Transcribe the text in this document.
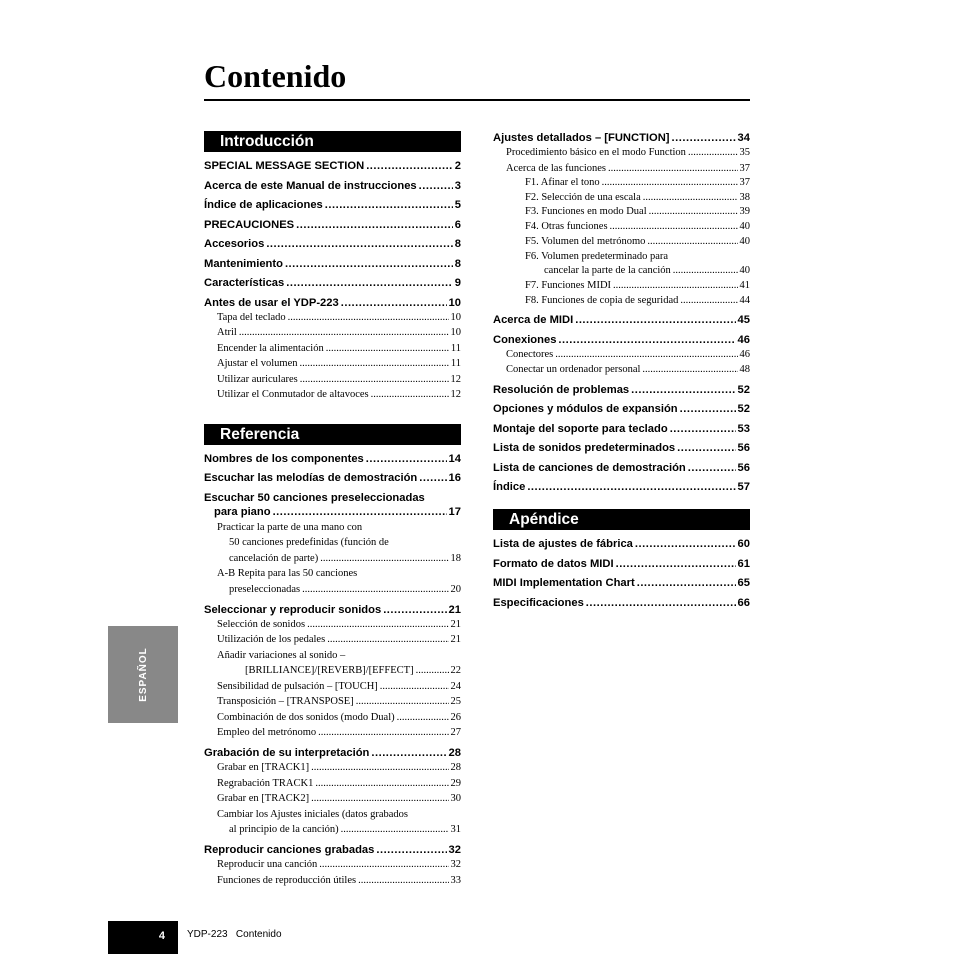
Contenido
Introducción
SPECIAL MESSAGE SECTION .....	2
Acerca de este Manual de instrucciones .....	3
Índice de aplicaciones .....	5
PRECAUCIONES .....	6
Accesorios .....	8
Mantenimiento .....	8
Características .....	9
Antes de usar el YDP-223 .....	10
Tapa del teclado .....	10
Atril .....	10
Encender la alimentación .....	11
Ajustar el volumen .....	11
Utilizar auriculares .....	12
Utilizar el Conmutador de altavoces .....	12
Referencia
Nombres de los componentes .....	14
Escuchar las melodías de demostración .....	16
Escuchar 50 canciones preseleccionadas
para piano .....	17
Practicar la parte de una mano con
50 canciones predefinidas (función de
cancelación de parte) .....	18
A-B Repita para las 50 canciones
preseleccionadas .....	20
Seleccionar y reproducir sonidos .....	21
Selección de sonidos .....	21
Utilización de los pedales .....	21
Añadir variaciones al sonido –
[BRILLIANCE]/[REVERB]/[EFFECT] .....	22
Sensibilidad de pulsación – [TOUCH] .....	24
Transposición – [TRANSPOSE] .....	25
Combinación de dos sonidos (modo Dual) .....	26
Empleo del metrónomo .....	27
Grabación de su interpretación .....	28
Grabar en [TRACK1] .....	28
Regrabación TRACK1 .....	29
Grabar en [TRACK2] .....	30
Cambiar los Ajustes iniciales (datos grabados
al principio de la canción) .....	31
Reproducir canciones grabadas .....	32
Reproducir una canción .....	32
Funciones de reproducción útiles .....	33
Ajustes detallados – [FUNCTION] .....	34
Procedimiento básico en el modo Function .....	35
Acerca de las funciones .....	37
F1. Afinar el tono .....	37
F2. Selección de una escala .....	38
F3. Funciones en modo Dual .....	39
F4. Otras funciones .....	40
F5. Volumen del metrónomo .....	40
F6. Volumen predeterminado para
cancelar la parte de la canción .....	40
F7. Funciones MIDI .....	41
F8. Funciones de copia de seguridad .....	44
Acerca de MIDI .....	45
Conexiones .....	46
Conectores .....	46
Conectar un ordenador personal .....	48
Resolución de problemas .....	52
Opciones y módulos de expansión .....	52
Montaje del soporte para teclado .....	53
Lista de sonidos predeterminados .....	56
Lista de canciones de demostración .....	56
Índice .....	57
Apéndice
Lista de ajustes de fábrica .....	60
Formato de datos MIDI .....	61
MIDI Implementation Chart .....	65
Especificaciones .....	66
ESPAÑOL
4 YDP-223 Contenido
